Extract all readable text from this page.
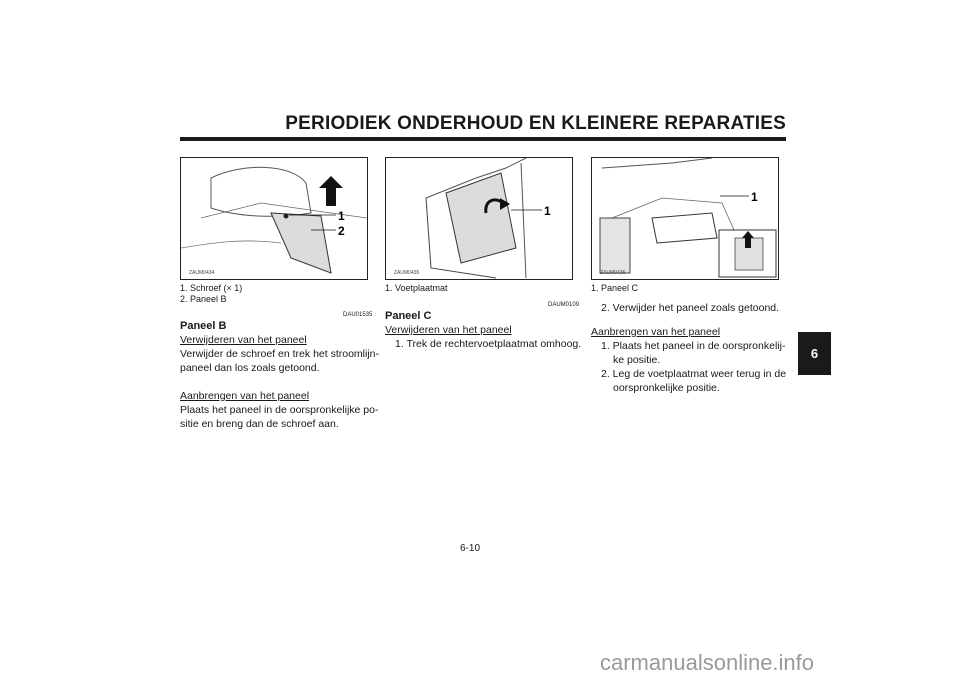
PERIODIEK ONDERHOUD EN KLEINERE REPARATIES
6
1
2
ZAUM0434
1
ZAUM0435
1
ZAUM0436
1. Schroef (× 1)
2. Paneel B
1. Voetplaatmat	1. Paneel C
DAU01535
Paneel B
Verwijderen van het paneel
Verwijder de schroef en trek het stroomlijn-paneel dan los zoals getoond.
Aanbrengen van het paneel
Plaats het paneel in de oorspronkelijke po-sitie en breng dan de schroef aan.
DAUM0109
Paneel C
Verwijderen van het paneel
1. Trek de rechtervoetplaatmat omhoog.
2. Verwijder het paneel zoals getoond.
Aanbrengen van het paneel
1. Plaats het paneel in de oorspronkelij-ke positie.
2. Leg de voetplaatmat weer terug in de oorspronkelijke positie.
6-10
carmanualsonline.info
